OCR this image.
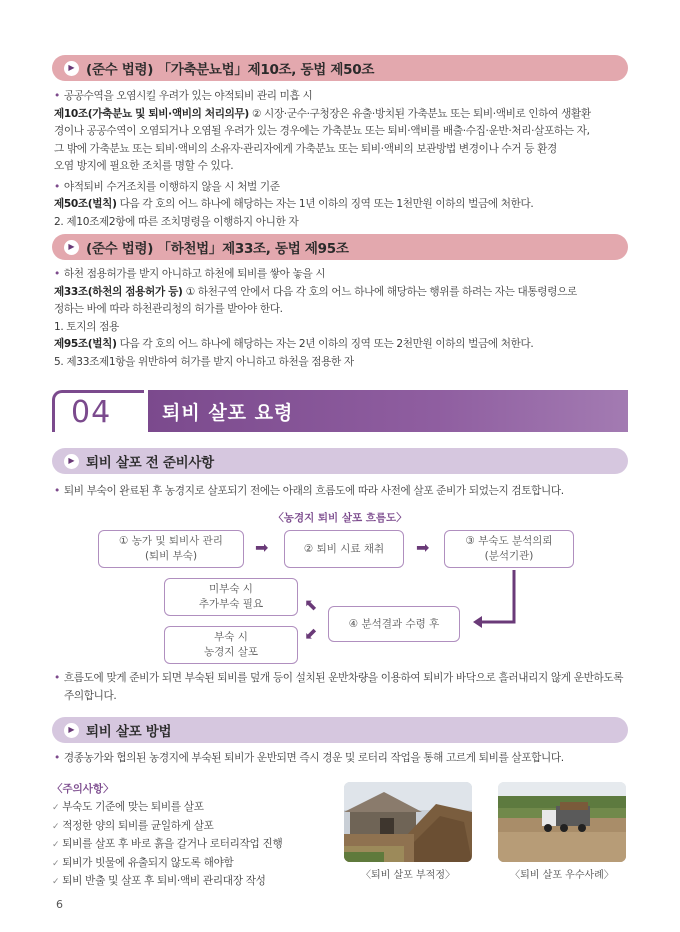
▶ (준수 법령) 「가축분뇨법」제10조, 동법 제50조
• 공공수역을 오염시킬 우려가 있는 야적퇴비 관리 미흡 시
제10조(가축분뇨 및 퇴비·액비의 처리의무) ② 시장·군수·구청장은 유출·방치된 가축분뇨 또는 퇴비·액비로 인하여 생활환
경이나 공공수역이 오염되거나 오염될 우려가 있는 경우에는 가축분뇨 또는 퇴비·액비를 배출·수집·운반·처리·살포하는 자,
그 밖에 가축분뇨 또는 퇴비·액비의 소유자·관리자에게 가축분뇨 또는 퇴비·액비의 보관방법 변경이나 수거 등 환경
오염 방지에 필요한 조치를 명할 수 있다.
• 야적퇴비 수거조치를 이행하지 않을 시 처벌 기준
제50조(벌칙) 다음 각 호의 어느 하나에 해당하는 자는 1년 이하의 징역 또는 1천만원 이하의 벌금에 처한다.
2. 제10조제2항에 따른 조치명령을 이행하지 아니한 자
▶ (준수 법령) 「하천법」제33조, 동법 제95조
• 하천 점용허가를 받지 아니하고 하천에 퇴비를 쌓아 놓을 시
제33조(하천의 점용허가 등) ① 하천구역 안에서 다음 각 호의 어느 하나에 해당하는 행위를 하려는 자는 대통령령으로
정하는 바에 따라 하천관리청의 허가를 받아야 한다.
1. 토지의 점용
제95조(벌칙) 다음 각 호의 어느 하나에 해당하는 자는 2년 이하의 징역 또는 2천만원 이하의 벌금에 처한다.
5. 제33조제1항을 위반하여 허가를 받지 아니하고 하천을 점용한 자
04	퇴비 살포 요령
▶ 퇴비 살포 전 준비사항
• 퇴비 부숙이 완료된 후 농경지로 살포되기 전에는 아래의 흐름도에 따라 사전에 살포 준비가 되었는지 검토합니다.
〈농경지 퇴비 살포 흐름도〉
① 농가 및 퇴비사 관리
(퇴비 부숙)	➡	② 퇴비 시료 채취 ➡	③ 부숙도 분석의뢰
(분석기관)
④ 분석결과 수령 후
⬉
⬋
미부숙 시
추가부숙 필요
부숙 시
농경지 살포
• 흐름도에 맞게 준비가 되면 부숙된 퇴비를 덮개 등이 설치된 운반차량을 이용하여 퇴비가 바닥으로 흘러내리지 않게 운반하도록
주의합니다.
▶ 퇴비 살포 방법
• 경종농가와 협의된 농경지에 부숙된 퇴비가 운반되면 즉시 경운 및 로터리 작업을 통해 고르게 퇴비를 살포합니다.
〈주의사항〉
✓ 부숙도 기준에 맞는 퇴비를 살포
✓ 적정한 양의 퇴비를 균일하게 살포
✓ 퇴비를 살포 후 바로 흙을 갈거나 로터리작업 진행
✓ 퇴비가 빗물에 유출되지 않도록 해야함
✓ 퇴비 반출 및 살포 후 퇴비·액비 관리대장 작성	〈퇴비 살포 부적정〉	〈퇴비 살포 우수사례〉
6
